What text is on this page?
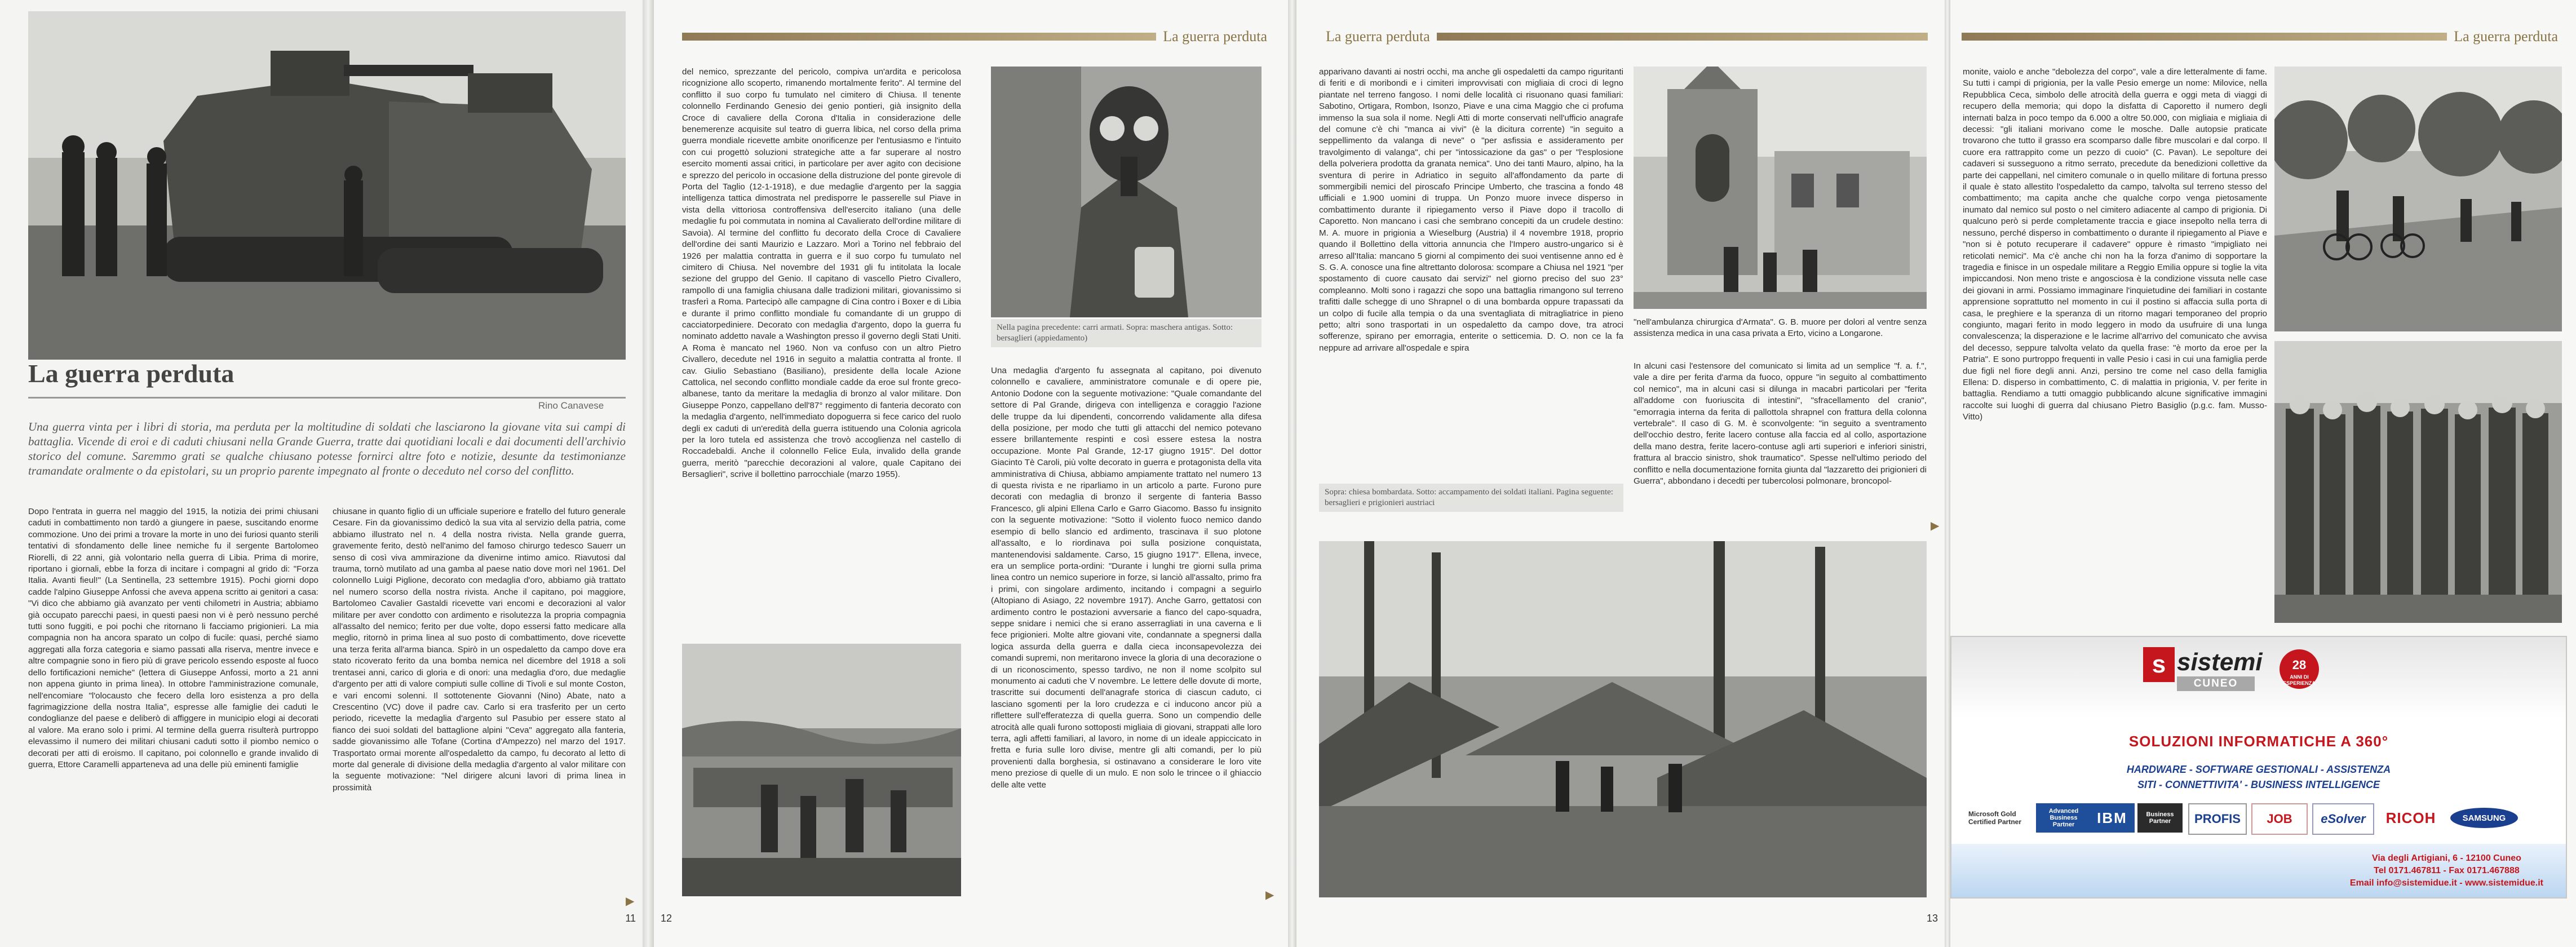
La guerra perduta
Rino Canavese
Una guerra vinta per i libri di storia, ma perduta per la moltitudine di soldati che lasciarono la giovane vita sui campi di battaglia. Vicende di eroi e di caduti chiusani nella Grande Guerra, tratte dai quotidiani locali e dai documenti dell'archivio storico del comune. Saremmo grati se qualche chiusano potesse fornirci altre foto e notizie, desunte da testimonianze tramandate oralmente o da epistolari, su un proprio parente impegnato al fronte o deceduto nel corso del conflitto.

Dopo l'entrata in guerra nel maggio del 1915, la notizia dei primi chiusani caduti in combattimento non tardò a giungere in paese, suscitando enorme commozione. Uno dei primi a trovare la morte in uno dei furiosi quanto sterili tentativi di sfondamento delle linee nemiche fu il sergente Bartolomeo Riorelli, di 22 anni, già volontario nella guerra di Libia. Prima di morire, riportano i giornali, ebbe la forza di incitare i compagni al grido di: "Forza Italia. Avanti fieul!" (La Sentinella, 23 settembre 1915). Pochi giorni dopo cadde l'alpino Giuseppe Anfossi che aveva appena scritto ai genitori a casa: "Vi dico che abbiamo già avanzato per venti chilometri in Austria; abbiamo già occupato parecchi paesi, in questi paesi non vi è però nessuno perché tutti sono fuggiti, e poi pochi che ritornano li facciamo prigionieri. La mia compagnia non ha ancora sparato un colpo di fucile: quasi, perché siamo aggregati alla forza categoria e siamo passati alla riserva, mentre invece e altre compagnie sono in fiero più di grave pericolo essendo esposte al fuoco dello fortificazioni nemiche" (lettera di Giuseppe Anfossi, morto a 21 anni non appena giunto in prima linea). In ottobre l'amministrazione comunale, nell'encomiare "l'olocausto che fecero della loro esistenza a pro della fagrimagizzione della nostra Italia", espresse alle famiglie dei caduti le condoglianze del paese e deliberò di affiggere in municipio elogi ai decorati al valore. Ma erano solo i primi. Al termine della guerra risulterà purtroppo elevassimo il numero dei militari chiusani caduti sotto il piombo nemico o decorati per atti di eroismo. Il capitano, poi colonnello e grande invalido di guerra, Ettore Caramelli apparteneva ad una delle più eminenti famiglie

chiusane in quanto figlio di un ufficiale superiore e fratello del futuro generale Cesare. Fin da giovanissimo dedicò la sua vita al servizio della patria, come abbiamo illustrato nel n. 4 della nostra rivista. Nella grande guerra, gravemente ferito, destò nell'animo del famoso chirurgo tedesco Sauerr un senso di così viva ammirazione da divenirne intimo amico. Riavutosi dal trauma, tornò mutilato ad una gamba al paese natio dove morì nel 1961. Del colonnello Luigi Piglione, decorato con medaglia d'oro, abbiamo già trattato nel numero scorso della nostra rivista. Anche il capitano, poi maggiore, Bartolomeo Cavalier Gastaldi ricevette vari encomi e decorazioni al valor militare per aver condotto con ardimento e risolutezza la propria compagnia all'assalto del nemico; ferito per due volte, dopo essersi fatto medicare alla meglio, ritornò in prima linea al suo posto di combattimento, dove ricevette una terza ferita all'arma bianca. Spirò in un ospedaletto da campo dove era stato ricoverato ferito da una bomba nemica nel dicembre del 1918 a soli trentasei anni, carico di gloria e di onori: una medaglia d'oro, due medaglie d'argento per atti di valore compiuti sulle colline di Tivoli e sul monte Coston, e vari encomi solenni. Il sottotenente Giovanni (Nino) Abate, nato a Crescentino (VC) dove il padre cav. Carlo si era trasferito per un certo periodo, ricevette la medaglia d'argento sul Pasubio per essere stato al fianco dei suoi soldati del battaglione alpini "Ceva" aggregato alla fanteria, sadde giovanissimo alle Tofane (Cortina d'Ampezzo) nel marzo del 1917. Trasportato ormai morente all'ospedaletto da campo, fu decorato al letto di morte dal generale di divisione della medaglia d'argento al valor militare con la seguente motivazione: "Nel dirigere alcuni lavori di prima linea in prossimità

▶
11
La guerra perduta

del nemico, sprezzante del pericolo, compiva un'ardita e pericolosa ricognizione allo scoperto, rimanendo mortalmente ferito". Al termine del conflitto il suo corpo fu tumulato nel cimitero di Chiusa. Il tenente colonnello Ferdinando Genesio dei genio pontieri, già insignito della Croce di cavaliere della Corona d'Italia in considerazione delle benemerenze acquisite sul teatro di guerra libica, nel corso della prima guerra mondiale ricevette ambite onorificenze per l'entusiasmo e l'intuito con cui progettò soluzioni strategiche atte a far superare al nostro esercito momenti assai critici, in particolare per aver agito con decisione e sprezzo del pericolo in occasione della distruzione del ponte girevole di Porta del Taglio (12-1-1918), e due medaglie d'argento per la saggia intelligenza tattica dimostrata nel predisporre le passerelle sul Piave in vista della vittoriosa controffensiva dell'esercito italiano (una delle medaglie fu poi commutata in nomina al Cavalierato dell'ordine militare di Savoia). Al termine del conflitto fu decorato della Croce di Cavaliere dell'ordine dei santi Maurizio e Lazzaro. Morì a Torino nel febbraio del 1926 per malattia contratta in guerra e il suo corpo fu tumulato nel cimitero di Chiusa. Nel novembre del 1931 gli fu intitolata la locale sezione del gruppo del Genio. Il capitano di vascello Pietro Civallero, rampollo di una famiglia chiusana dalle tradizioni militari, giovanissimo si trasferì a Roma. Partecipò alle campagne di Cina contro i Boxer e di Libia e durante il primo conflitto mondiale fu comandante di un gruppo di cacciatorpediniere. Decorato con medaglia d'argento, dopo la guerra fu nominato addetto navale a Washington presso il governo degli Stati Uniti. A Roma è mancato nel 1960. Non va confuso con un altro Pietro Civallero, decedute nel 1916 in seguito a malattia contratta al fronte. Il cav. Giulio Sebastiano (Basiliano), presidente della locale Azione Cattolica, nel secondo conflitto mondiale cadde da eroe sul fronte greco-albanese, tanto da meritare la medaglia di bronzo al valor militare. Don Giuseppe Ponzo, cappellano dell'87° reggimento di fanteria decorato con la medaglia d'argento, nell'immediato dopoguerra si fece carico del ruolo degli ex caduti di un'eredità della guerra istituendo una Colonia agricola per la loro tutela ed assistenza che trovò accoglienza nel castello di Roccadebaldi. Anche il colonnello Felice Eula, invalido della grande guerra, meritò "parecchie decorazioni al valore, quale Capitano dei Bersaglieri", scrive il bollettino parrocchiale (marzo 1955).

Nella pagina precedente: carri armati. Sopra: maschera antigas. Sotto: bersaglieri (appiedamento)

Una medaglia d'argento fu assegnata al capitano, poi divenuto colonnello e cavaliere, amministratore comunale e di opere pie, Antonio Dodone con la seguente motivazione: "Quale comandante del settore di Pal Grande, dirigeva con intelligenza e coraggio l'azione delle truppe da lui dipendenti, concorrendo validamente alla difesa della posizione, per modo che tutti gli attacchi del nemico potevano essere brillantemente respinti e così essere estesa la nostra occupazione. Monte Pal Grande, 12-17 giugno 1915". Del dottor Giacinto Tè Caroli, più volte decorato in guerra e protagonista della vita amministrativa di Chiusa, abbiamo ampiamente trattato nel numero 13 di questa rivista e ne riparliamo in un articolo a parte. Furono pure decorati con medaglia di bronzo il sergente di fanteria Basso Francesco, gli alpini Ellena Carlo e Garro Giacomo. Basso fu insignito con la seguente motivazione: "Sotto il violento fuoco nemico dando esempio di bello slancio ed ardimento, trascinava il suo plotone all'assalto, e lo riordinava poi sulla posizione conquistata, mantenendovisi saldamente. Carso, 15 giugno 1917". Ellena, invece, era un semplice porta-ordini: "Durante i lunghi tre giorni sulla prima linea contro un nemico superiore in forze, si lanciò all'assalto, primo fra i primi, con singolare ardimento, incitando i compagni a seguirlo (Altopiano di Asiago, 22 novembre 1917). Anche Garro, gettatosi con ardimento contro le postazioni avversarie a fianco del capo-squadra, seppe snidare i nemici che si erano asserragliati in una caverna e li fece prigionieri. Molte altre giovani vite, condannate a spegnersi dalla logica assurda della guerra e dalla cieca inconsapevolezza dei comandi supremi, non meritarono invece la gloria di una decorazione o di un riconoscimento, spesso tardivo, ne non il nome scolpito sul monumento ai caduti che V novembre. Le lettere delle dovute di morte, trascritte sui documenti dell'anagrafe storica di ciascun caduto, ci lasciano sgomenti per la loro crudezza e ci inducono ancor più a riflettere sull'efferatezza di quella guerra. Sono un compendio delle atrocità alle quali furono sottoposti migliaia di giovani, strappati alle loro terra, agli affetti familiari, al lavoro, in nome di un ideale appiccicato in fretta e furia sulle loro divise, mentre gli alti comandi, per lo più provenienti dalla borghesia, si ostinavano a considerare le loro vite meno preziose di quelle di un mulo. E non solo le trincee o il ghiaccio delle alte vette

12
▶
La guerra perduta

apparivano davanti ai nostri occhi, ma anche gli ospedaletti da campo riguritanti di feriti e di moribondi e i cimiteri improvvisati con migliaia di croci di legno piantate nel terreno fangoso. I nomi delle località ci risuonano quasi familiari: Sabotino, Ortigara, Rombon, Isonzo, Piave e una cima Maggio che ci profuma immenso la sua sola il nome. Negli Atti di morte conservati nell'ufficio anagrafe del comune c'è chi "manca ai vivi" (è la dicitura corrente) "in seguito a seppellimento da valanga di neve" o "per asfissia e assideramento per travolgimento di valanga", chi per "intossicazione da gas" o per "l'esplosione della polveriera prodotta da granata nemica". Uno dei tanti Mauro, alpino, ha la sventura di perire in Adriatico in seguito all'affondamento da parte di sommergibili nemici del piroscafo Principe Umberto, che trascina a fondo 48 ufficiali e 1.900 uomini di truppa. Un Ponzo muore invece disperso in combattimento durante il ripiegamento verso il Piave dopo il tracollo di Caporetto. Non mancano i casi che sembrano concepiti da un crudele destino: M. A. muore in prigionia a Wieselburg (Austria) il 4 novembre 1918, proprio quando il Bollettino della vittoria annuncia che l'Impero austro-ungarico si è arreso all'Italia: mancano 5 giorni al compimento dei suoi ventisenne anno ed è S. G. A. conosce una fine altrettanto dolorosa: scompare a Chiusa nel 1921 "per spostamento di cuore causato dai servizi" nel giorno preciso del suo 23° compleanno. Molti sono i ragazzi che sopo una battaglia rimangono sul terreno trafitti dalle schegge di uno Shrapnel o di una bombarda oppure trapassati da un colpo di fucile alla tempia o da una sventagliata di mitragliatrice in pieno petto; altri sono trasportati in un ospedaletto da campo dove, tra atroci sofferenze, spirano per emorragia, enterite o setticemia. D. O. non ce la fa neppure ad arrivare all'ospedale e spira

Sopra: chiesa bombardata. Sotto: accampamento dei soldati italiani. Pagina seguente: bersaglieri e prigionieri austriaci

"nell'ambulanza chirurgica d'Armata". G. B. muore per dolori al ventre senza assistenza medica in una casa privata a Erto, vicino a Longarone.

In alcuni casi l'estensore del comunicato si limita ad un semplice "f. a. f.", vale a dire per ferita d'arma da fuoco, oppure "in seguito al combattimento col nemico", ma in alcuni casi si dilunga in macabri particolari per "ferita all'addome con fuoriuscita di intestini", "sfracellamento del cranio", "emorragia interna da ferita di pallottola shrapnel con frattura della colonna vertebrale". Il caso di G. M. è sconvolgente: "in seguito a sventramento dell'occhio destro, ferite lacero contuse alla faccia ed al collo, asportazione della mano destra, ferite lacero-contuse agli arti superiori e inferiori sinistri, frattura al braccio sinistro, shok traumatico". Spesse nell'ultimo periodo del conflitto e nella documentazione fornita giunta dal "lazzaretto dei prigionieri di Guerra", abbondano i decedti per tubercolosi polmonare, broncopol-

▶
13
La guerra perduta

monite, vaiolo e anche "debolezza del corpo", vale a dire letteralmente di fame. Su tutti i campi di prigionia, per la valle Pesio emerge un nome: Milovice, nella Repubblica Ceca, simbolo delle atrocità della guerra e oggi meta di viaggi di recupero della memoria; qui dopo la disfatta di Caporetto il numero degli internati balza in poco tempo da 6.000 a oltre 50.000, con migliaia e migliaia di decessi: "gli italiani morivano come le mosche. Dalle autopsie praticate trovarono che tutto il grasso era scomparso dalle fibre muscolari e dal corpo. Il cuore era rattrappito come un pezzo di cuoio" (C. Pavan). Le sepolture dei cadaveri si susseguono a ritmo serrato, precedute da benedizioni collettive da parte dei cappellani, nel cimitero comunale o in quello militare di fortuna presso il quale è stato allestito l'ospedaletto da campo, talvolta sul terreno stesso del combattimento; ma capita anche che qualche corpo venga pietosamente inumato dal nemico sul posto o nel cimitero adiacente al campo di prigionia. Di qualcuno però si perde completamente traccia e giace insepolto nella terra di nessuno, perché disperso in combattimento o durante il ripiegamento al Piave e "non si è potuto recuperare il cadavere" oppure è rimasto "impigliato nei reticolati nemici". Ma c'è anche chi non ha la forza d'animo di sopportare la tragedia e finisce in un ospedale militare a Reggio Emilia oppure si toglie la vita impiccandosi. Non meno triste e angosciosa è la condizione vissuta nelle case dei giovani in armi. Possiamo immaginare l'inquietudine dei familiari in costante apprensione soprattutto nel momento in cui il postino si affaccia sulla porta di casa, le preghiere e la speranza di un ritorno magari temporaneo del proprio congiunto, magari ferito in modo leggero in modo da usufruire di una lunga convalescenza; la disperazione e le lacrime all'arrivo del comunicato che avvisa del decesso, seppure talvolta velato da quella frase: "è morto da eroe per la Patria". E sono purtroppo frequenti in valle Pesio i casi in cui una famiglia perde due figli nel fiore degli anni. Anzi, persino tre come nel caso della famiglia Ellena: D. disperso in combattimento, C. di malattia in prigionia, V. per ferite in battaglia. Rendiamo a tutti omaggio pubblicando alcune significative immagini raccolte sui luoghi di guerra dal chiusano Pietro Basiglio (p.g.c. fam. Musso-Vitto)

s sistemi
CUNEO
28
ANNI DI ESPERIENZA
SOLUZIONI INFORMATICHE A 360°
HARDWARE - SOFTWARE GESTIONALI - ASSISTENZA
SITI - CONNETTIVITA' - BUSINESS INTELLIGENCE
Microsoft Gold Certified Partner
Advanced Business Partner	IBM	Business Partner	PROFIS JOB eSolver RICOH	SAMSUNG
Via degli Artigiani, 6 - 12100 Cuneo
Tel 0171.467811 - Fax 0171.467888
Email info@sistemidue.it - www.sistemidue.it
